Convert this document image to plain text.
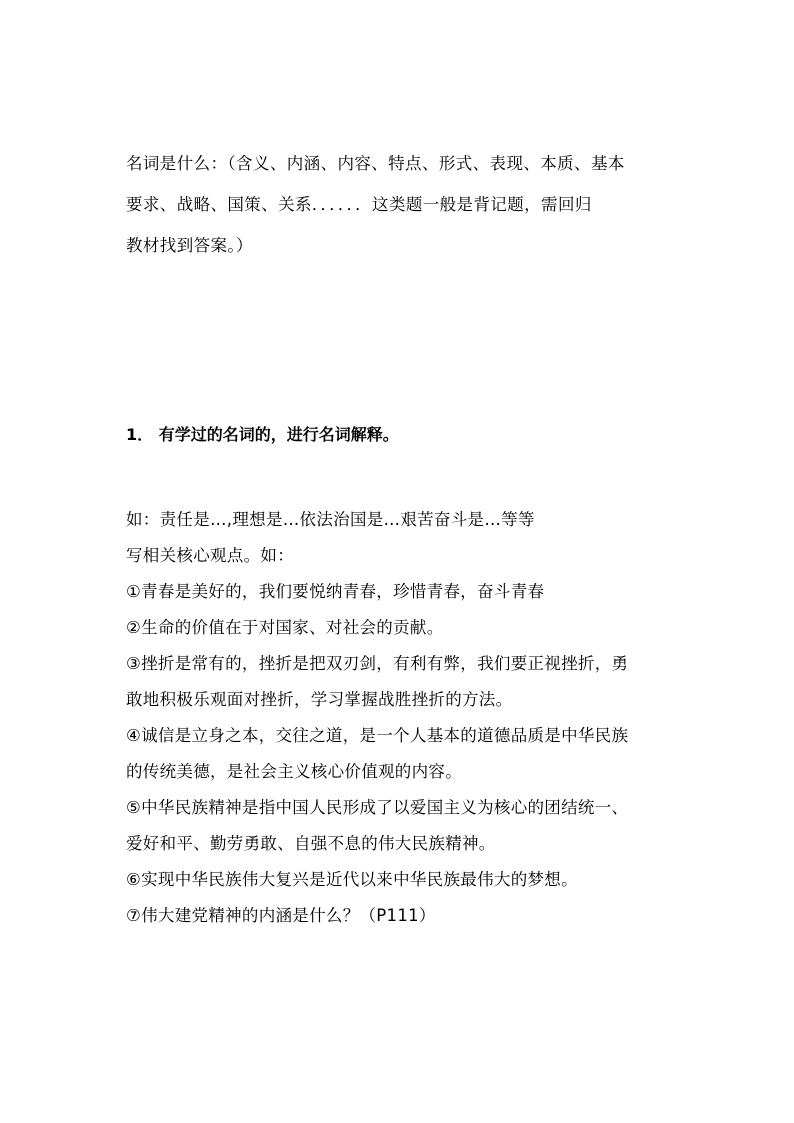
名词是什么：（含义、内涵、内容、特点、形式、表现、本质、基本

要求、战略、国策、关系．．．．．．这类题一般是背记题，需回归

教材找到答案。）

1． 有学过的名词的，进行名词解释。

如：责任是…,理想是…依法治国是…艰苦奋斗是…等等

写相关核心观点。如：

①青春是美好的，我们要悦纳青春，珍惜青春，奋斗青春

②生命的价值在于对国家、对社会的贡献。

③挫折是常有的，挫折是把双刃剑，有利有弊，我们要正视挫折，勇

敢地积极乐观面对挫折，学习掌握战胜挫折的方法。

④诚信是立身之本，交往之道，是一个人基本的道德品质是中华民族

的传统美德，是社会主义核心价值观的内容。

⑤中华民族精神是指中国人民形成了以爱国主义为核心的团结统一、

爱好和平、勤劳勇敢、自强不息的伟大民族精神。

⑥实现中华民族伟大复兴是近代以来中华民族最伟大的梦想。

⑦伟大建党精神的内涵是什么？（P111）
